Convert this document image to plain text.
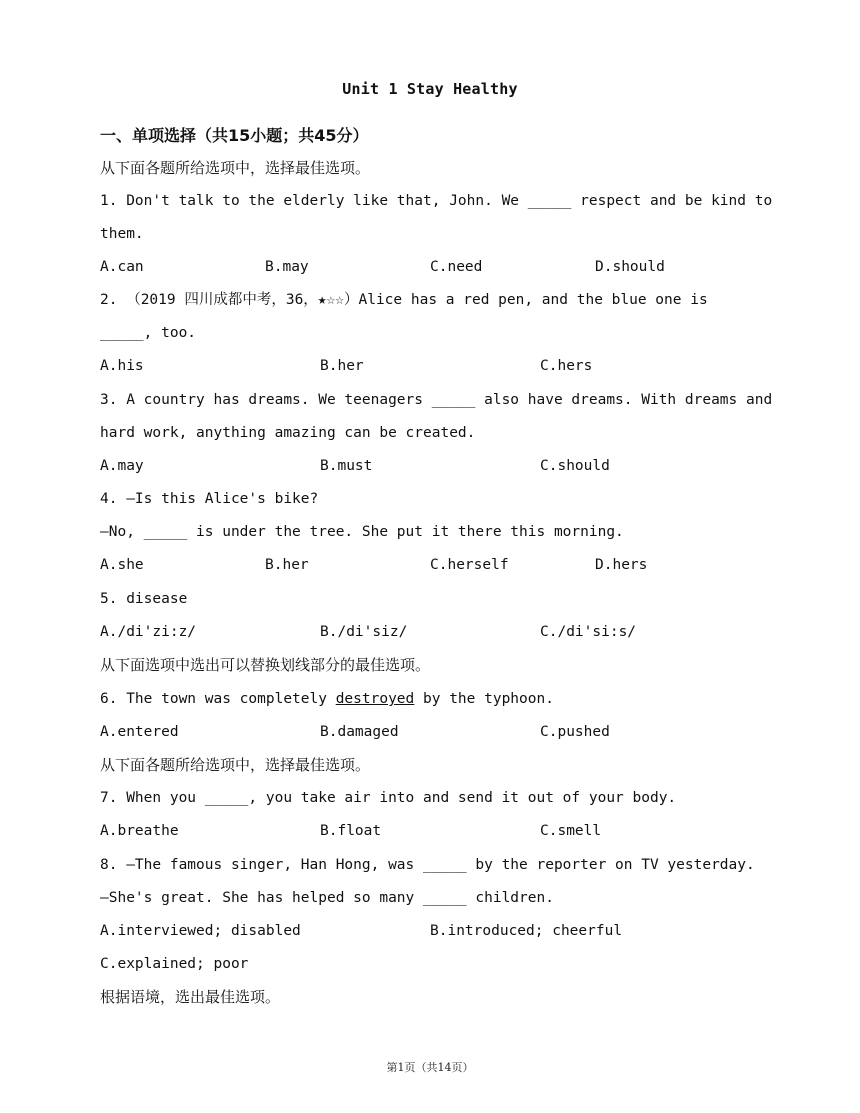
Unit 1 Stay Healthy
一、单项选择（共15小题；共45分）
从下面各题所给选项中，选择最佳选项。
1. Don't talk to the elderly like that, John. We _____ respect and be kind to
them.
A.can	B.may	C.need	D.should
2. （2019 四川成都中考，36，★☆☆）Alice has a red pen, and the blue one is
_____, too.
A.his	B.her	C.hers
3. A country has dreams. We teenagers _____ also have dreams. With dreams and
hard work, anything amazing can be created.
A.may	B.must	C.should
4. —Is this Alice's bike?
—No, _____ is under the tree. She put it there this morning.
A.she	B.her	C.herself	D.hers
5. disease
A./di'zi:z/	B./di'siz/	C./di'si:s/
从下面选项中选出可以替换划线部分的最佳选项。
6. The town was completely destroyed by the typhoon.
A.entered	B.damaged	C.pushed
从下面各题所给选项中，选择最佳选项。
7. When you _____, you take air into and send it out of your body.
A.breathe	B.float	C.smell
8. —The famous singer, Han Hong, was _____ by the reporter on TV yesterday.
—She's great. She has helped so many _____ children.
A.interviewed; disabled	B.introduced; cheerful
C.explained; poor
根据语境，选出最佳选项。
第1页（共14页）
